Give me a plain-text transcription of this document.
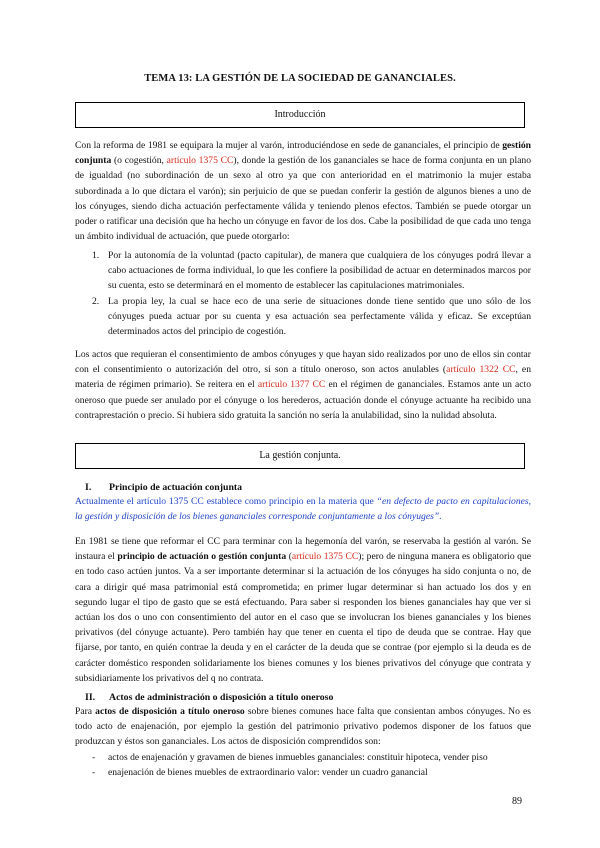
TEMA 13: LA GESTIÓN DE LA SOCIEDAD DE GANANCIALES.
Introducción

Con la reforma de 1981 se equipara la mujer al varón, introduciéndose en sede de gananciales, el principio de gestión conjunta (o cogestión, artículo 1375 CC), donde la gestión de los gananciales se hace de forma conjunta en un plano de igualdad (no subordinación de un sexo al otro ya que con anterioridad en el matrimonio la mujer estaba subordinada a lo que dictara el varón); sin perjuicio de que se puedan conferir la gestión de algunos bienes a uno de los cónyuges, siendo dicha actuación perfectamente válida y teniendo plenos efectos. También se puede otorgar un poder o ratificar una decisión que ha hecho un cónyuge en favor de los dos. Cabe la posibilidad de que cada uno tenga un ámbito individual de actuación, que puede otorgarlo:

1. Por la autonomía de la voluntad (pacto capitular), de manera que cualquiera de los cónyuges podrá llevar a cabo actuaciones de forma individual, lo que les confiere la posibilidad de actuar en determinados marcos por su cuenta, esto se determinará en el momento de establecer las capitulaciones matrimoniales.
2. La propia ley, la cual se hace eco de una serie de situaciones donde tiene sentido que uno sólo de los cónyuges pueda actuar por su cuenta y esa actuación sea perfectamente válida y eficaz. Se exceptúan determinados actos del principio de cogestión.

Los actos que requieran el consentimiento de ambos cónyuges y que hayan sido realizados por uno de ellos sin contar con el consentimiento o autorización del otro, si son a título oneroso, son actos anulables (artículo 1322 CC, en materia de régimen primario). Se reitera en el artículo 1377 CC en el régimen de gananciales. Estamos ante un acto oneroso que puede ser anulado por el cónyuge o los herederos, actuación donde el cónyuge actuante ha recibido una contraprestación o precio. Si hubiera sido gratuita la sanción no sería la anulabilidad, sino la nulidad absoluta.

La gestión conjunta.
I. Principio de actuación conjunta

Actualmente el artículo 1375 CC establece como principio en la materia que “en defecto de pacto en capitulaciones, la gestión y disposición de los bienes gananciales corresponde conjuntamente a los cónyuges”.

En 1981 se tiene que reformar el CC para terminar con la hegemonía del varón, se reservaba la gestión al varón. Se instaura el principio de actuación o gestión conjunta (artículo 1375 CC); pero de ninguna manera es obligatorio que en todo caso actúen juntos. Va a ser importante determinar si la actuación de los cónyuges ha sido conjunta o no, de cara a dirigir qué masa patrimonial está comprometida; en primer lugar determinar si han actuado los dos y en segundo lugar el tipo de gasto que se está efectuando. Para saber si responden los bienes gananciales hay que ver si actúan los dos o uno con consentimiento del autor en el caso que se involucran los bienes gananciales y los bienes privativos (del cónyuge actuante). Pero también hay que tener en cuenta el tipo de deuda que se contrae. Hay que fijarse, por tanto, en quién contrae la deuda y en el carácter de la deuda que se contrae (por ejemplo si la deuda es de carácter doméstico responden solidariamente los bienes comunes y los bienes privativos del cónyuge que contrata y subsidiariamente los privativos del q no contrata.

II. Actos de administración o disposición a título oneroso

Para actos de disposición a título oneroso sobre bienes comunes hace falta que consientan ambos cónyuges. No es todo acto de enajenación, por ejemplo la gestión del patrimonio privativo podemos disponer de los fatuos que produzcan y éstos son gananciales. Los actos de disposición comprendidos son:

- actos de enajenación y gravamen de bienes inmuebles gananciales: constituir hipoteca, vender piso
- enajenación de bienes muebles de extraordinario valor: vender un cuadro ganancial
89
